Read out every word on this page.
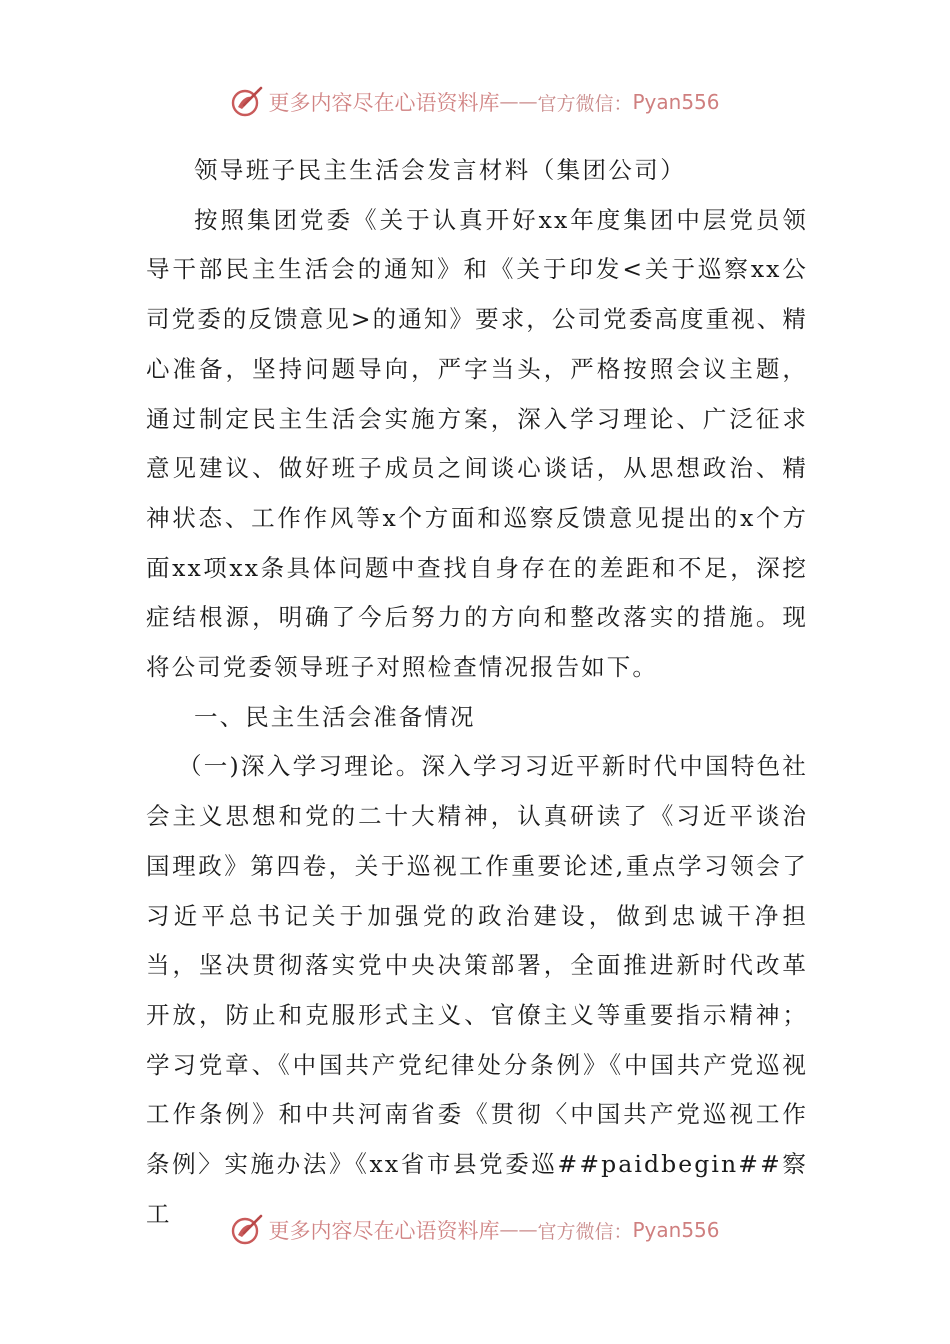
更多内容尽在心语资料库 —— 官方微信： Pyan556

领导班子民主生活会发言材料（集团公司）

按照集团党委《关于认真开好xx年度集团中层党员领导干部民主生活会的通知》和《关于印发<关于巡察xx公司党委的反馈意见>的通知》要求，公司党委高度重视、精心准备，坚持问题导向，严字当头，严格按照会议主题，通过制定民主生活会实施方案，深入学习理论、广泛征求意见建议、做好班子成员之间谈心谈话，从思想政治、精神状态、工作作风等x个方面和巡察反馈意见提出的x个方面xx项xx条具体问题中查找自身存在的差距和不足，深挖症结根源，明确了今后努力的方向和整改落实的措施。现将公司党委领导班子对照检查情况报告如下。

一、民主生活会准备情况

（一)深入学习理论。深入学习习近平新时代中国特色社会主义思想和党的二十大精神，认真研读了《习近平谈治国理政》第四卷，关于巡视工作重要论述,重点学习领会了习近平总书记关于加强党的政治建设，做到忠诚干净担当，坚决贯彻落实党中央决策部署，全面推进新时代改革开放，防止和克服形式主义、官僚主义等重要指示精神；学习党章、《中国共产党纪律处分条例》《中国共产党巡视工作条例》和中共河南省委《贯彻〈中国共产党巡视工作条例〉实施办法》《xx省市县党委巡##paidbegin##察工

更多内容尽在心语资料库 —— 官方微信： Pyan556
